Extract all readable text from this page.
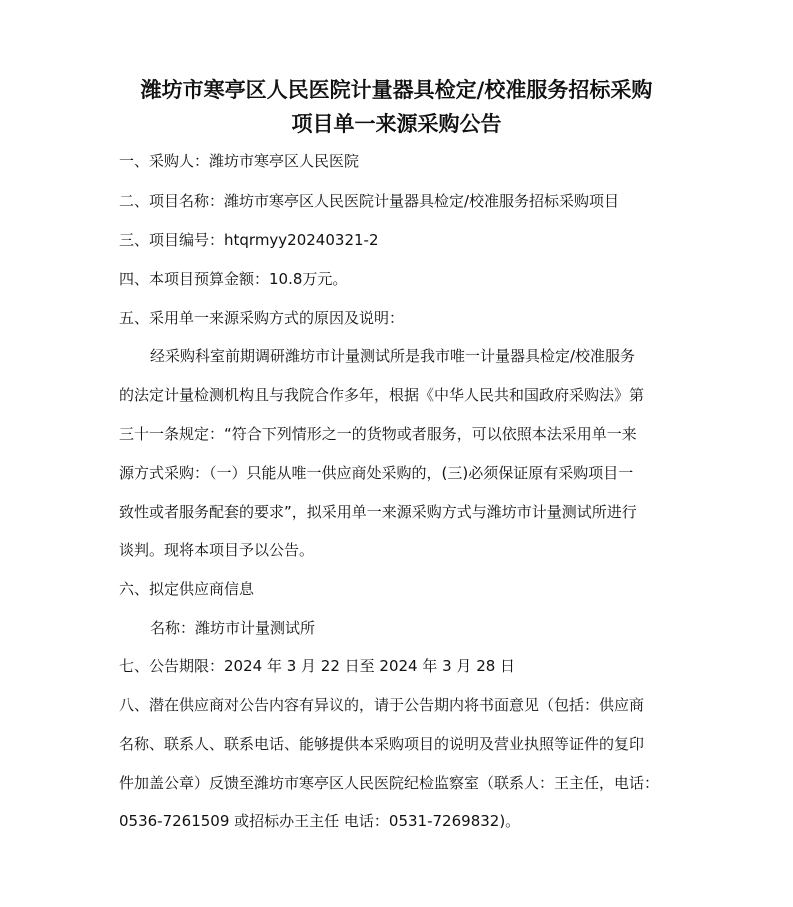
潍坊市寒亭区人民医院计量器具检定/校准服务招标采购
项目单一来源采购公告
一、采购人：潍坊市寒亭区人民医院
二、项目名称：潍坊市寒亭区人民医院计量器具检定/校准服务招标采购项目
三、项目编号：htqrmyy20240321-2
四、本项目预算金额：10.8万元。
五、采用单一来源采购方式的原因及说明：
经采购科室前期调研潍坊市计量测试所是我市唯一计量器具检定/校准服务
的法定计量检测机构且与我院合作多年，根据《中华人民共和国政府采购法》第
三十一条规定：“符合下列情形之一的货物或者服务，可以依照本法采用单一来
源方式采购：（一）只能从唯一供应商处采购的，(三)必须保证原有采购项目一
致性或者服务配套的要求”，拟采用单一来源采购方式与潍坊市计量测试所进行
谈判。现将本项目予以公告。
六、拟定供应商信息
名称：潍坊市计量测试所
七、公告期限：2024 年 3 月 22 日至 2024 年 3 月 28 日
八、潜在供应商对公告内容有异议的，请于公告期内将书面意见（包括：供应商
名称、联系人、联系电话、能够提供本采购项目的说明及营业执照等证件的复印
件加盖公章）反馈至潍坊市寒亭区人民医院纪检监察室（联系人：王主任，电话：
0536-7261509 或招标办王主任 电话：0531-7269832)。
